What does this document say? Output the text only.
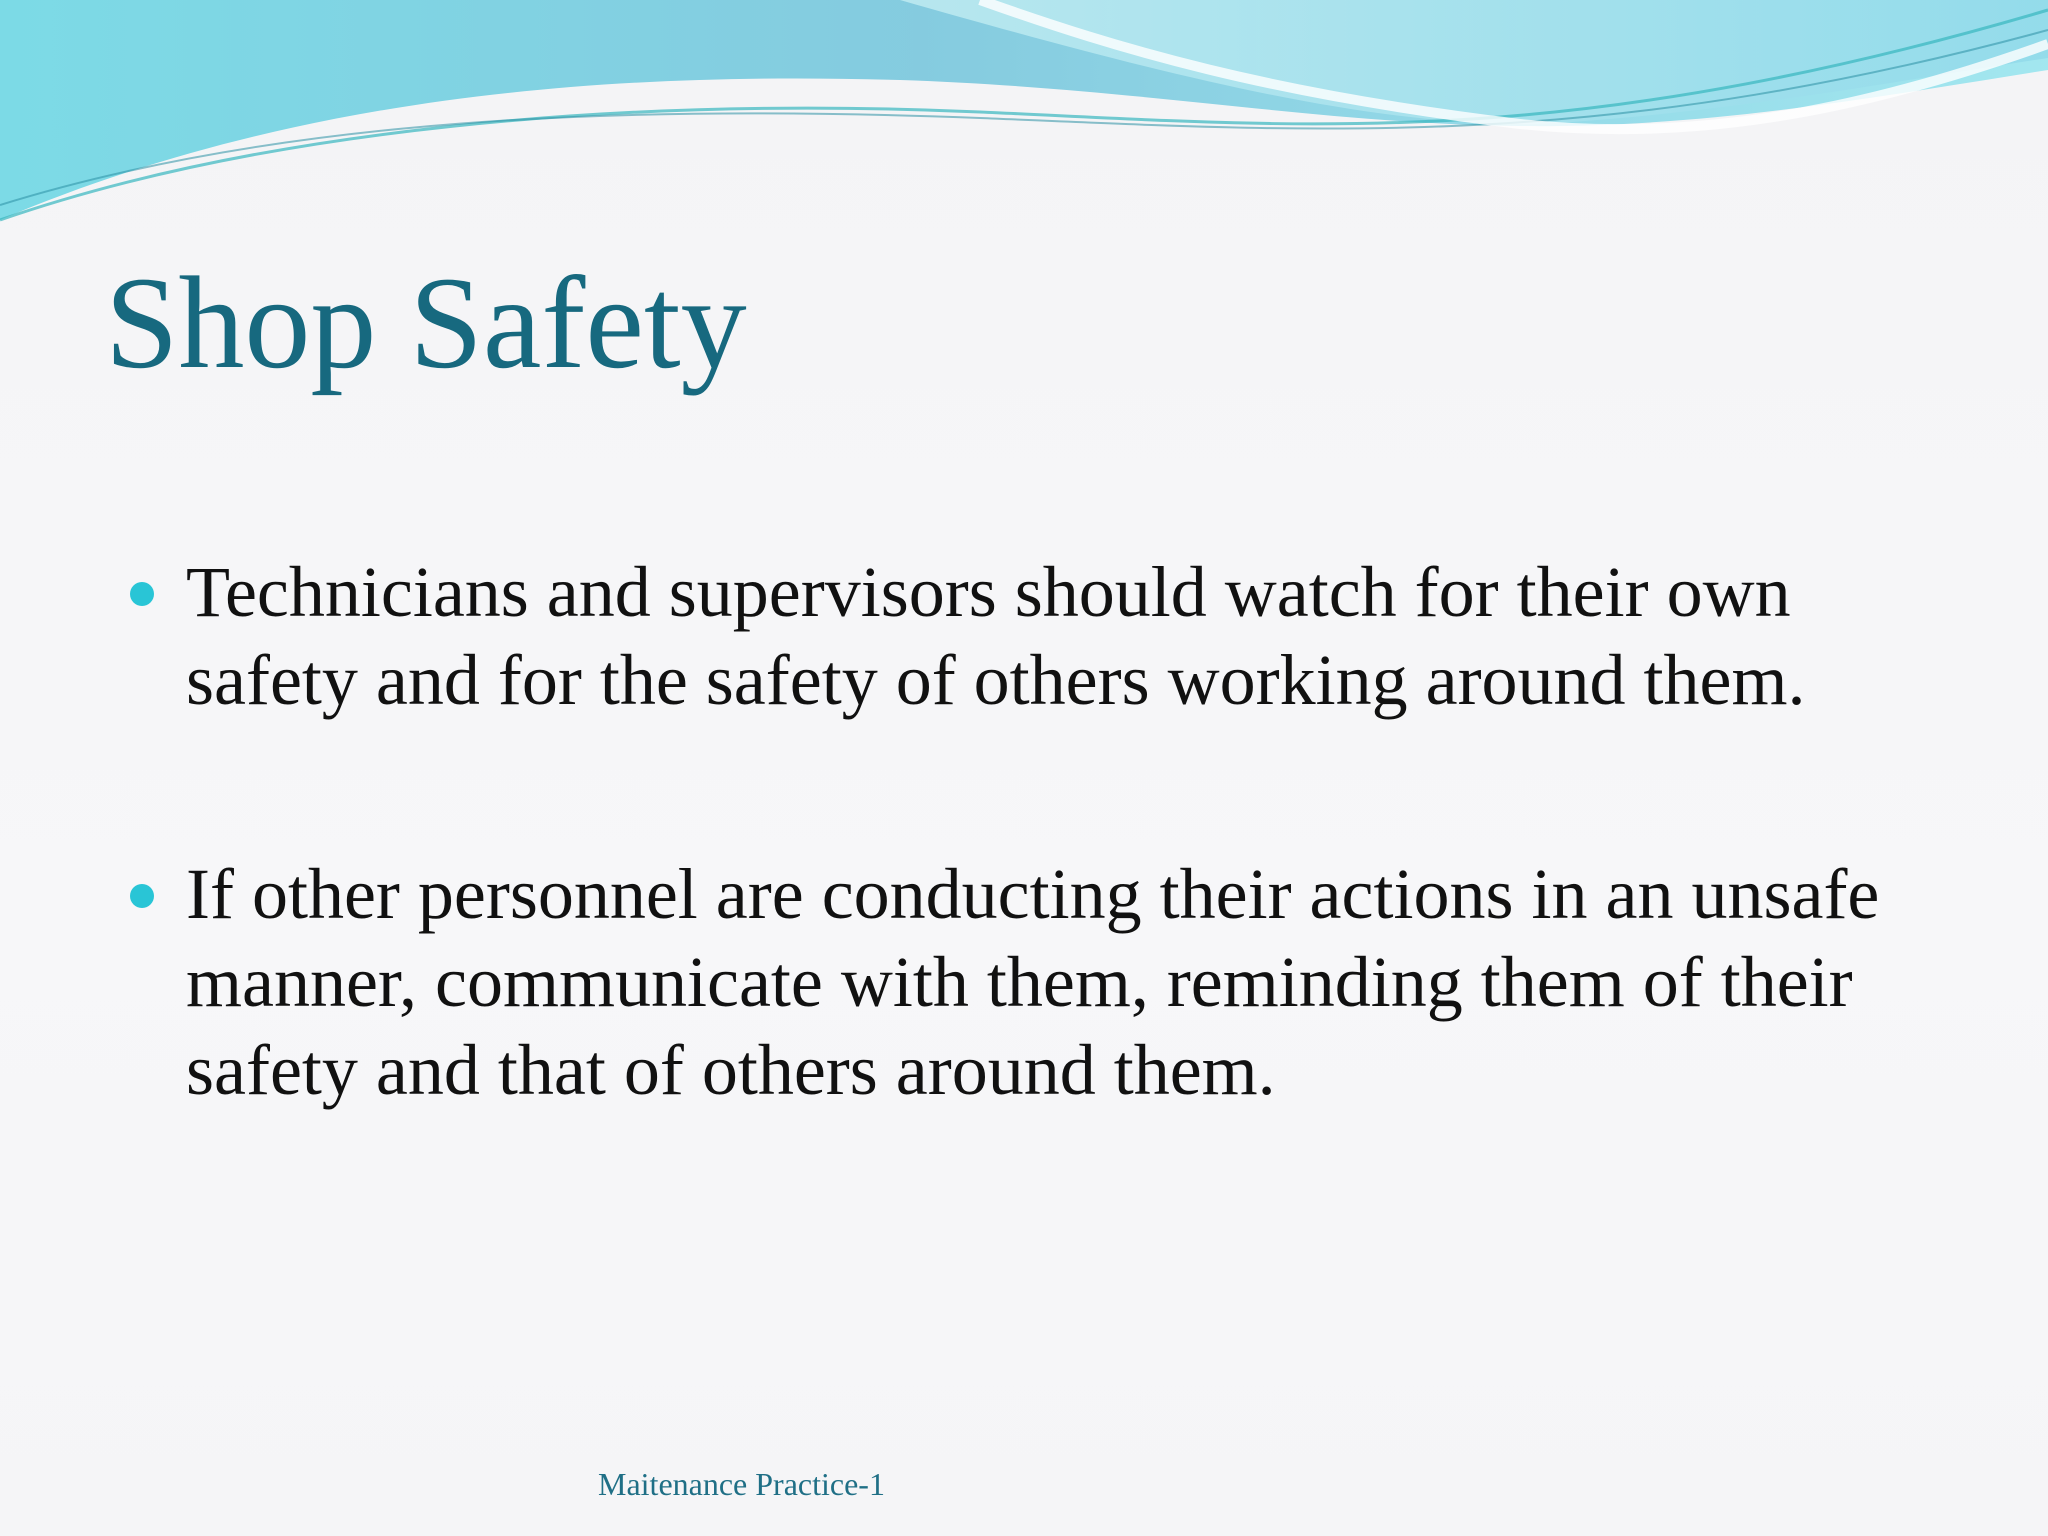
Shop Safety
Technicians and supervisors should watch for their own safety and for the safety of others working around them.
If other personnel are conducting their actions in an unsafe manner, communicate with them, reminding them of their safety and that of others around them.
Maitenance Practice-1
